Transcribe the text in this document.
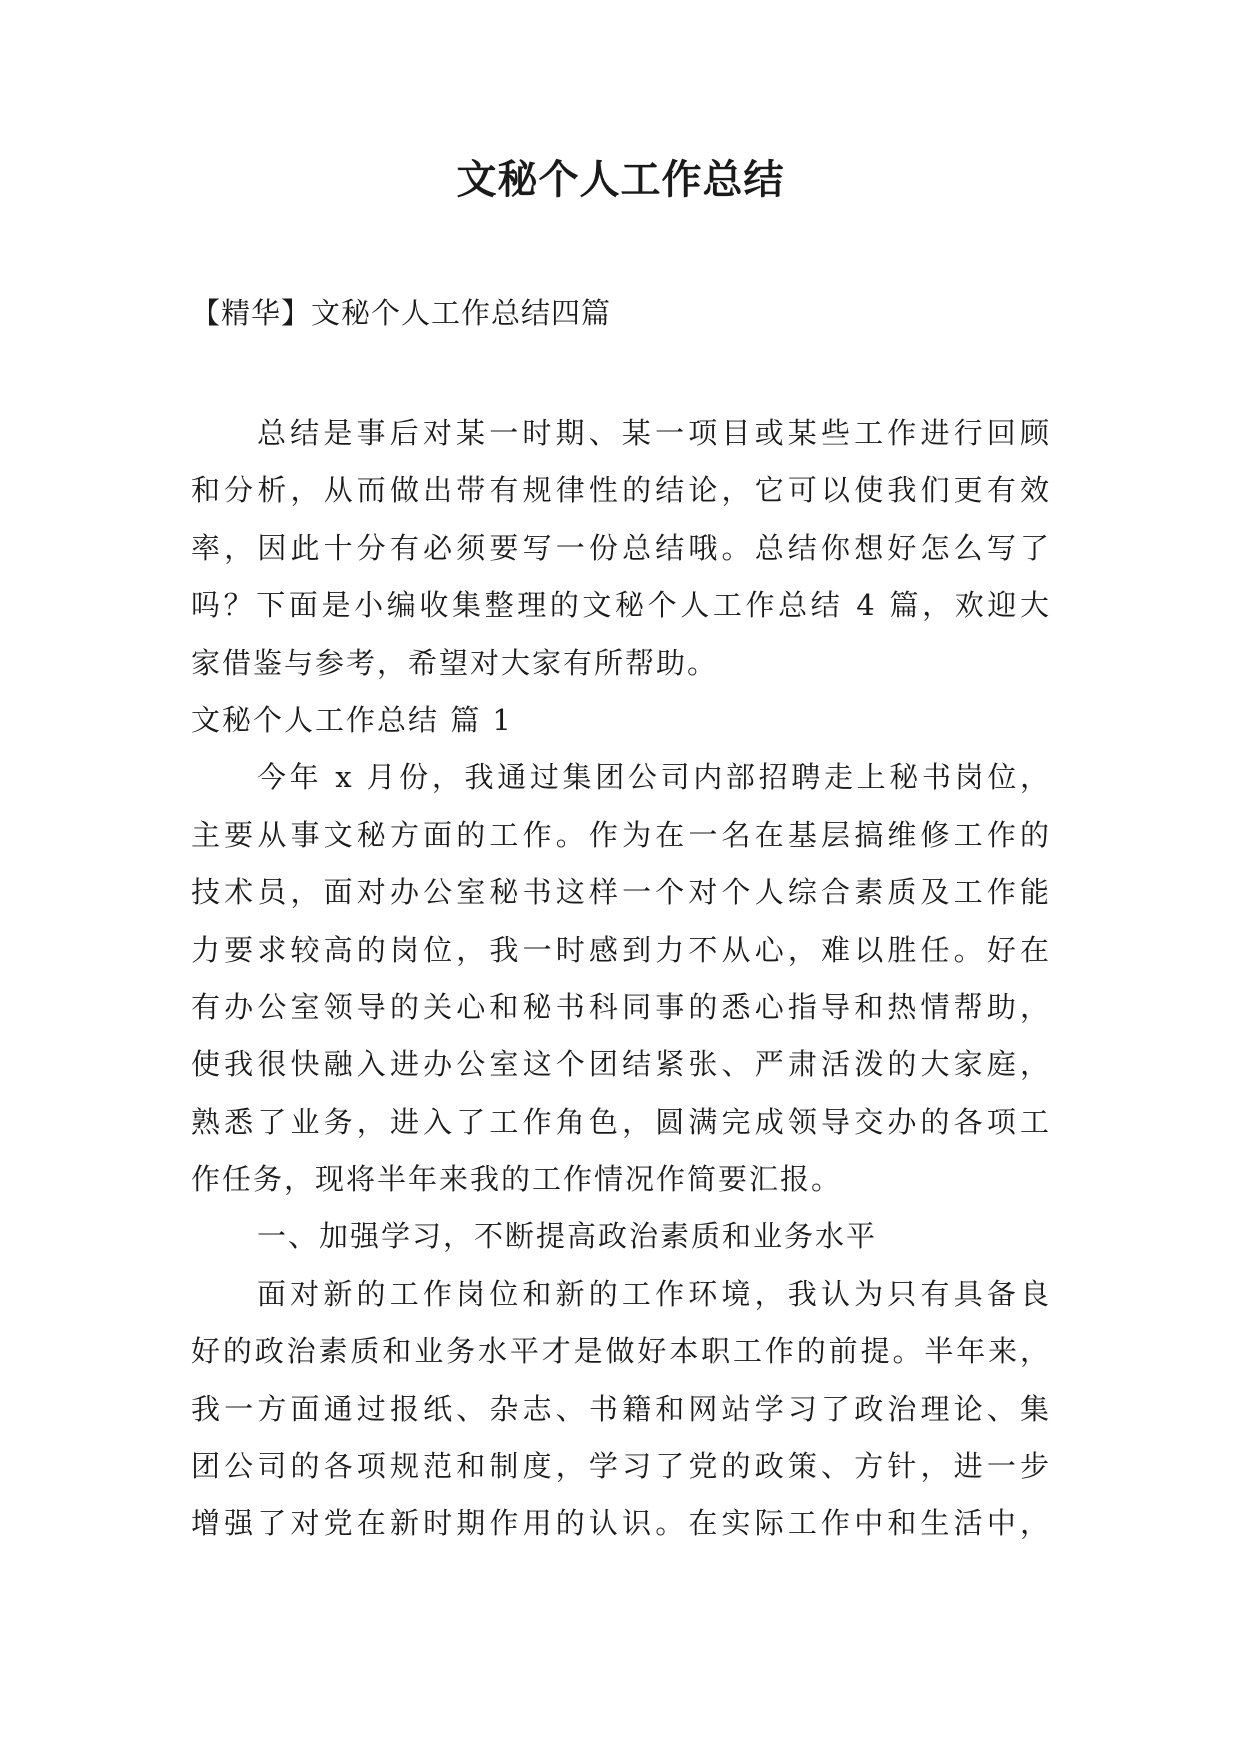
文秘个人工作总结

【精华】文秘个人工作总结四篇

总结是事后对某一时期、某一项目或某些工作进行回顾
和分析，从而做出带有规律性的结论，它可以使我们更有效
率，因此十分有必须要写一份总结哦。总结你想好怎么写了
吗？下面是小编收集整理的文秘个人工作总结 4 篇，欢迎大
家借鉴与参考，希望对大家有所帮助。
文秘个人工作总结 篇 1
今年 x 月份，我通过集团公司内部招聘走上秘书岗位，
主要从事文秘方面的工作。作为在一名在基层搞维修工作的
技术员，面对办公室秘书这样一个对个人综合素质及工作能
力要求较高的岗位，我一时感到力不从心，难以胜任。好在
有办公室领导的关心和秘书科同事的悉心指导和热情帮助，
使我很快融入进办公室这个团结紧张、严肃活泼的大家庭，
熟悉了业务，进入了工作角色，圆满完成领导交办的各项工
作任务，现将半年来我的工作情况作简要汇报。
一、加强学习，不断提高政治素质和业务水平
面对新的工作岗位和新的工作环境，我认为只有具备良
好的政治素质和业务水平才是做好本职工作的前提。半年来，
我一方面通过报纸、杂志、书籍和网站学习了政治理论、集
团公司的各项规范和制度，学习了党的政策、方针，进一步
增强了对党在新时期作用的认识。在实际工作中和生活中，
